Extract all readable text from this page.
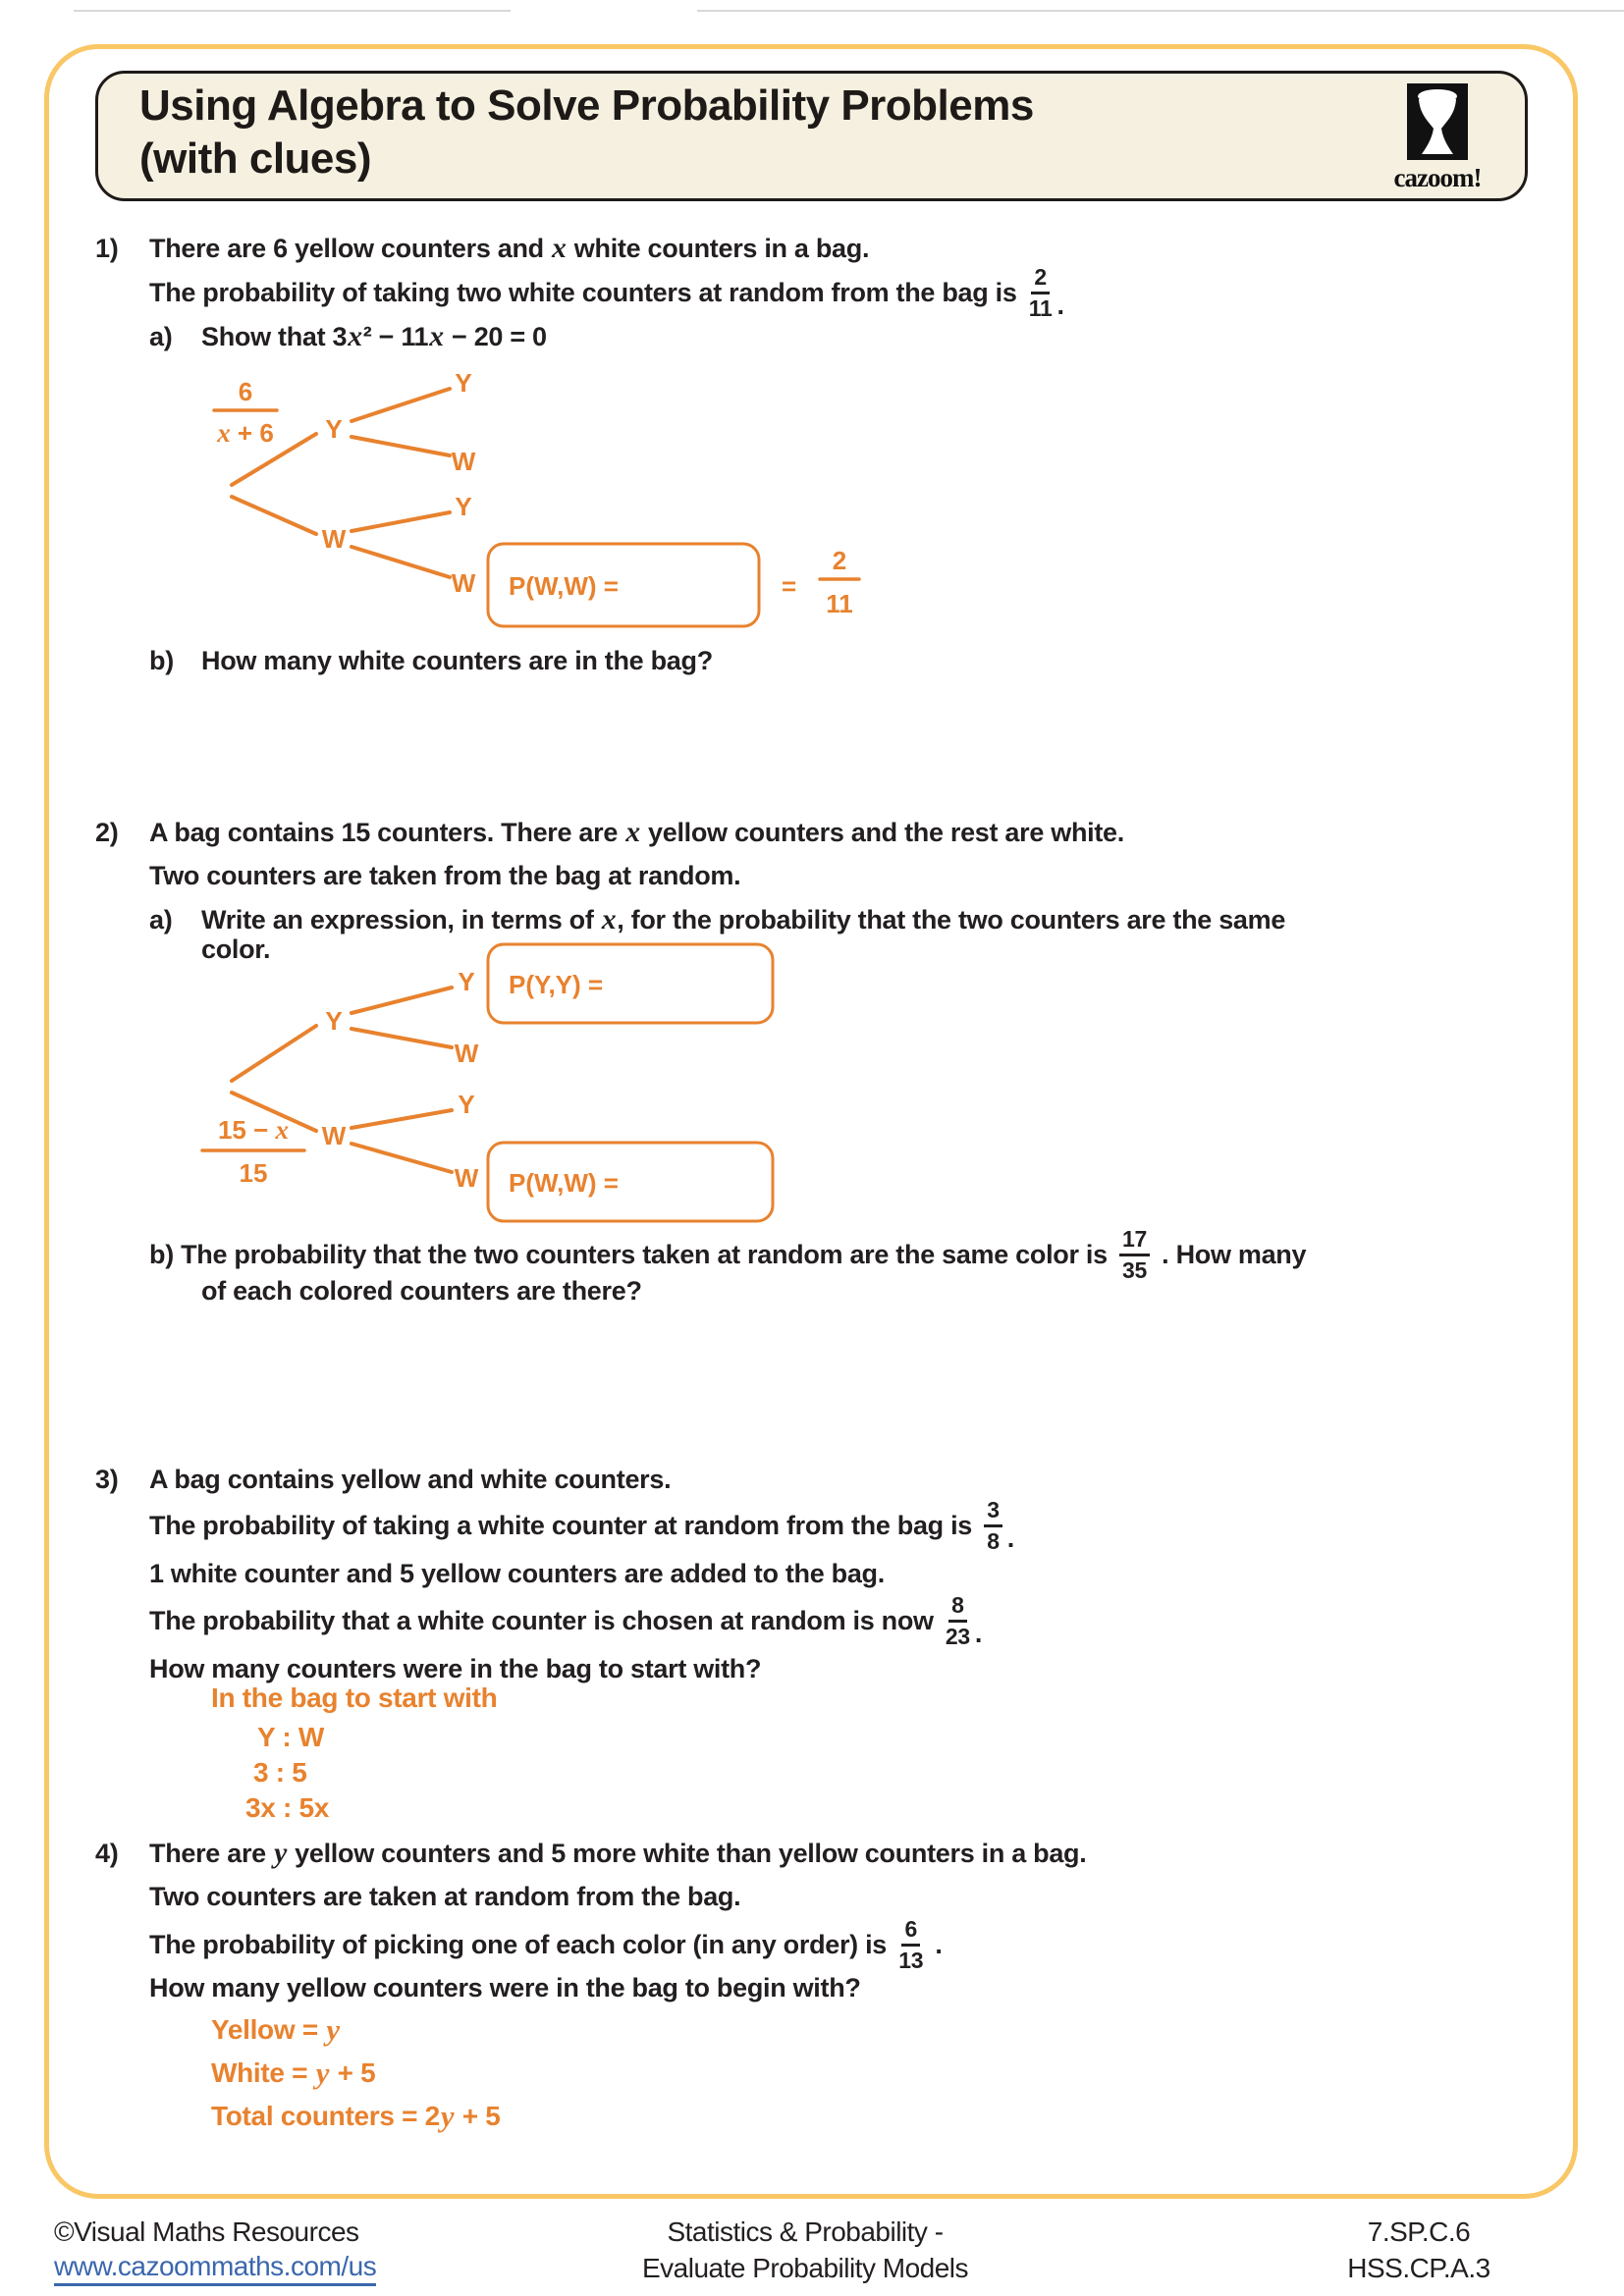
Using Algebra to Solve Probability Problems
(with clues)	cazoom!
1) There are 6 yellow counters and x white counters in a bag.
The probability of taking two white counters at random from the bag is $\frac{2}{11}$ .
a) Show that 3 x ² − 11 x − 20 = 0
6
x + 6 Y
W
Y
W
Y
W P(W,W) =	=
2
11
b) How many white counters are in the bag?
2) A bag contains 15 counters. There are x yellow counters and the rest are white.
Two counters are taken from the bag at random.
a) Write an expression, in terms of x , for the probability that the two counters are the same
color.
15 − x
15
Y
W
Y
W
Y
W
P(Y,Y) =
P(W,W) =
b)
The probability that the two counters taken at random are the same color is $\frac{17}{35}$ . How many
of each colored counters are there?
3) A bag contains yellow and white counters.
The probability of taking a white counter at random from the bag is $\frac{3}{8}$ .
1 white counter and 5 yellow counters are added to the bag.
The probability that a white counter is chosen at random is now $\frac{8}{23}$ .
How many counters were in the bag to start with?
In the bag to start with
Y : W
3 : 5
3x : 5x
4) There are y yellow counters and 5 more white than yellow counters in a bag.
Two counters are taken at random from the bag.
The probability of picking one of each color (in any order) is $\frac{6}{13}$ .
How many yellow counters were in the bag to begin with?
Yellow = y
White = y + 5
Total counters = 2 y + 5
©Visual Maths Resources
www.cazoommaths.com/us
Statistics & Probability -
Evaluate Probability Models
7.SP.C.6
HSS.CP.A.3
